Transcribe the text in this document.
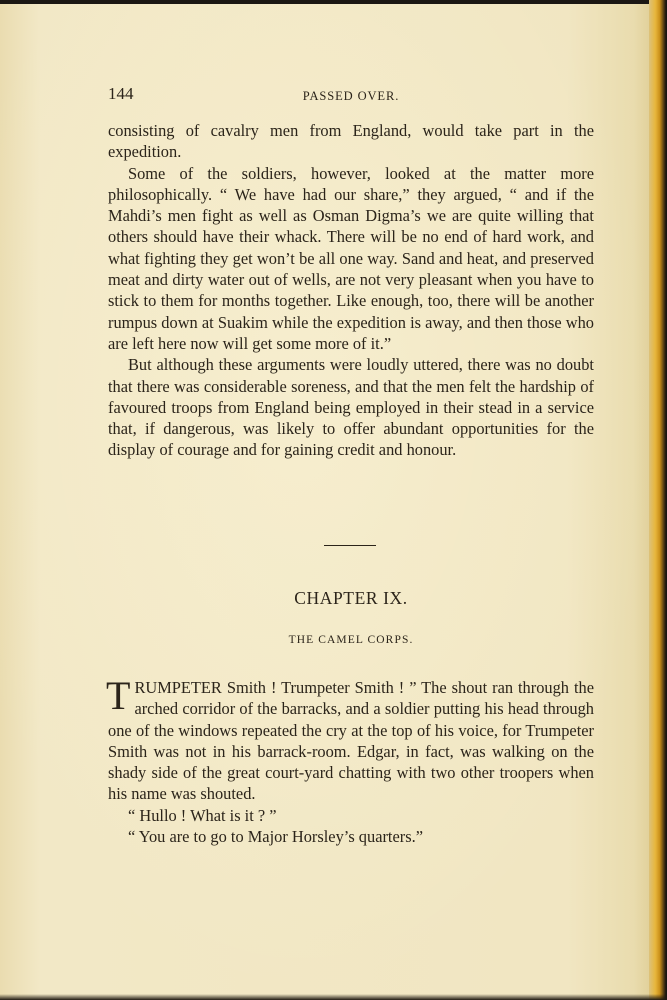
144	PASSED OVER.

consisting of cavalry men from England, would take part in the expedition.

Some of the soldiers, however, looked at the matter more philosophically. “ We have had our share,” they argued, “ and if the Mahdi’s men fight as well as Osman Digma’s we are quite willing that others should have their whack. There will be no end of hard work, and what fighting they get won’t be all one way. Sand and heat, and preserved meat and dirty water out of wells, are not very pleasant when you have to stick to them for months together. Like enough, too, there will be another rumpus down at Suakim while the expedition is away, and then those who are left here now will get some more of it.”

But although these arguments were loudly uttered, there was no doubt that there was considerable soreness, and that the men felt the hardship of favoured troops from England being employed in their stead in a service that, if dangerous, was likely to offer abundant opportunities for the display of courage and for gaining credit and honour.

CHAPTER IX.
THE CAMEL CORPS.

TRUMPETER Smith ! Trumpeter Smith ! ” The shout ran through the arched corridor of the barracks, and a soldier putting his head through one of the windows repeated the cry at the top of his voice, for Trumpeter Smith was not in his barrack-room. Edgar, in fact, was walking on the shady side of the great court-yard chatting with two other troopers when his name was shouted.

“ Hullo ! What is it ? ”

“ You are to go to Major Horsley’s quarters.”
